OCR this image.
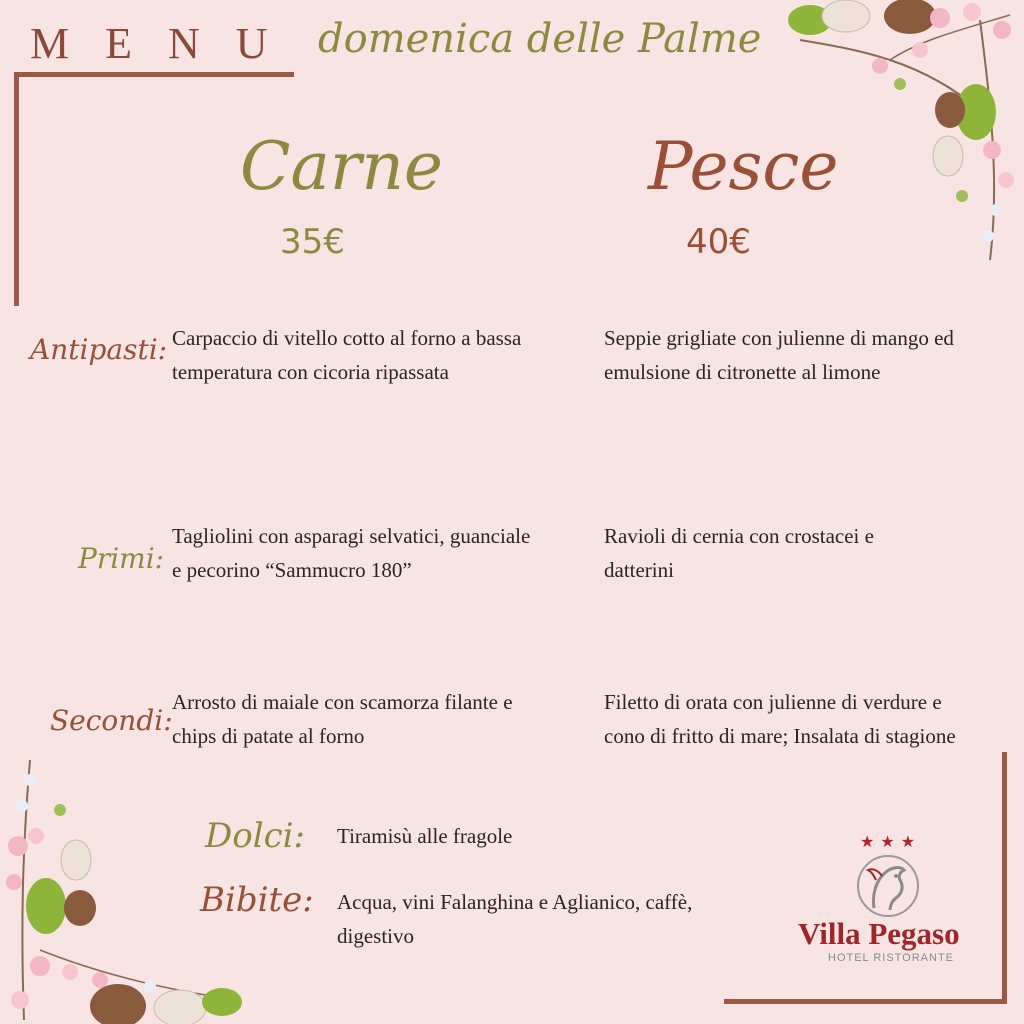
MENU domenica delle Palme
Carne
35€
Pesce
40€
Antipasti: Carpaccio di vitello cotto al forno a bassa temperatura con cicoria ripassata
Seppie grigliate con julienne di mango ed emulsione di citronette al limone
Primi:
Tagliolini con asparagi selvatici, guanciale e pecorino “Sammucro 180”
Ravioli di cernia con crostacei e datterini
Secondi:
Arrosto di maiale con scamorza filante e chips di patate al forno
Filetto di orata con julienne di verdure e cono di fritto di mare; Insalata di stagione
Dolci: Tiramisù alle fragole
Bibite: Acqua, vini Falanghina e Aglianico, caffè, digestivo
★★★
Villa Pegaso
HOTEL RISTORANTE
